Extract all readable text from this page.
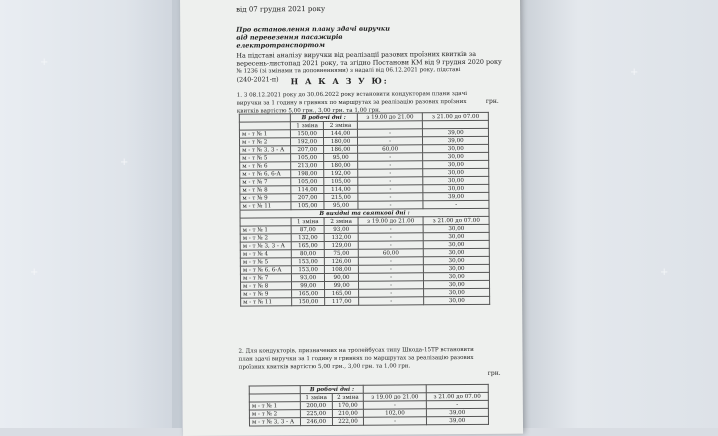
+
+
+
+
+
від 07 грудня 2021 року
Про встановлення плану здачі виручки
від перевезення пасажирів
електротранспортом
На підставі аналізу виручки від реалізації разових проїзних квитків за
вересень-листопад 2021 року, та згідно Постанови КМ від 9 грудня 2020 року
№ 1236 (зі змінами та доповненнями) з надалі від 06.12.2021 року, підставі
(240-2021-п) Н А К А З У Ю:
1. З 08.12.2021 року до 30.06.2022 року встановити кондукторам плани здачі
виручки за 1 годину в гривнях по маршрутах за реалізацію разових проїзних
квитків вартістю 5,00 грн., 3,00 грн. та 1,00 грн.
грн.
	В робочі дні :		з 19.00 до 21.00	з 21.00 до 07.00
	1 зміна	2 зміна		
м - т № 1	150,00	144,00	-	39,00
м - т № 2	192,00	180,00	-	39,00
м - т № 3, 3 - А	207,00	186,00	60,00	30,00
м - т № 5	105,00	95,00	-	30,00
м - т № 6	213,00	180,00	-	30,00
м - т № 6, 6-А	198,00	192,00	-	30,00
м - т № 7	105,00	105,00	-	30,00
м - т № 8	114,00	114,00	-	30,00
м - т № 9	207,00	215,00	-	39,00
м - т № 11	105,00	95,00	-	-
В вихідні та святкові дні :				
	1 зміна	2 зміна	з 19.00 до 21.00	з 21.00 до 07.00
м - т № 1	87,00	93,00	-	30,00
м - т № 2	132,00	132,00	-	30,00
м - т № 3, 3 - А	165,00	129,00	-	30,00
м - т № 4	80,00	75,00	60,00	30,00
м - т № 5	153,00	126,00	-	30,00
м - т № 6, 6-А	153,00	108,00	-	30,00
м - т № 7	93,00	90,00	-	30,00
м - т № 8	99,00	99,00	-	30,00
м - т № 9	165,00	165,00	-	30,00
м - т № 11	150,00	117,00	-	30,00
2. Для кондукторів, призначених на тролейбусах типу Шкода-15ТР встановити
план здачі виручки за 1 годину в гривнях по маршрутах за реалізацію разових
проїзних квитків вартістю 5,00 грн., 3,00 грн. та 1,00 грн.
грн.
	В робочі дні :			
	1 зміна	2 зміна	з 19.00 до 21.00	з 21.00 до 07.00
м - т № 1	200,00	170,00	-	-
м - т № 2	225,00	210,00	102,00	39,00
м - т № 3, 3 - А	246,00	222,00	-	39,00
